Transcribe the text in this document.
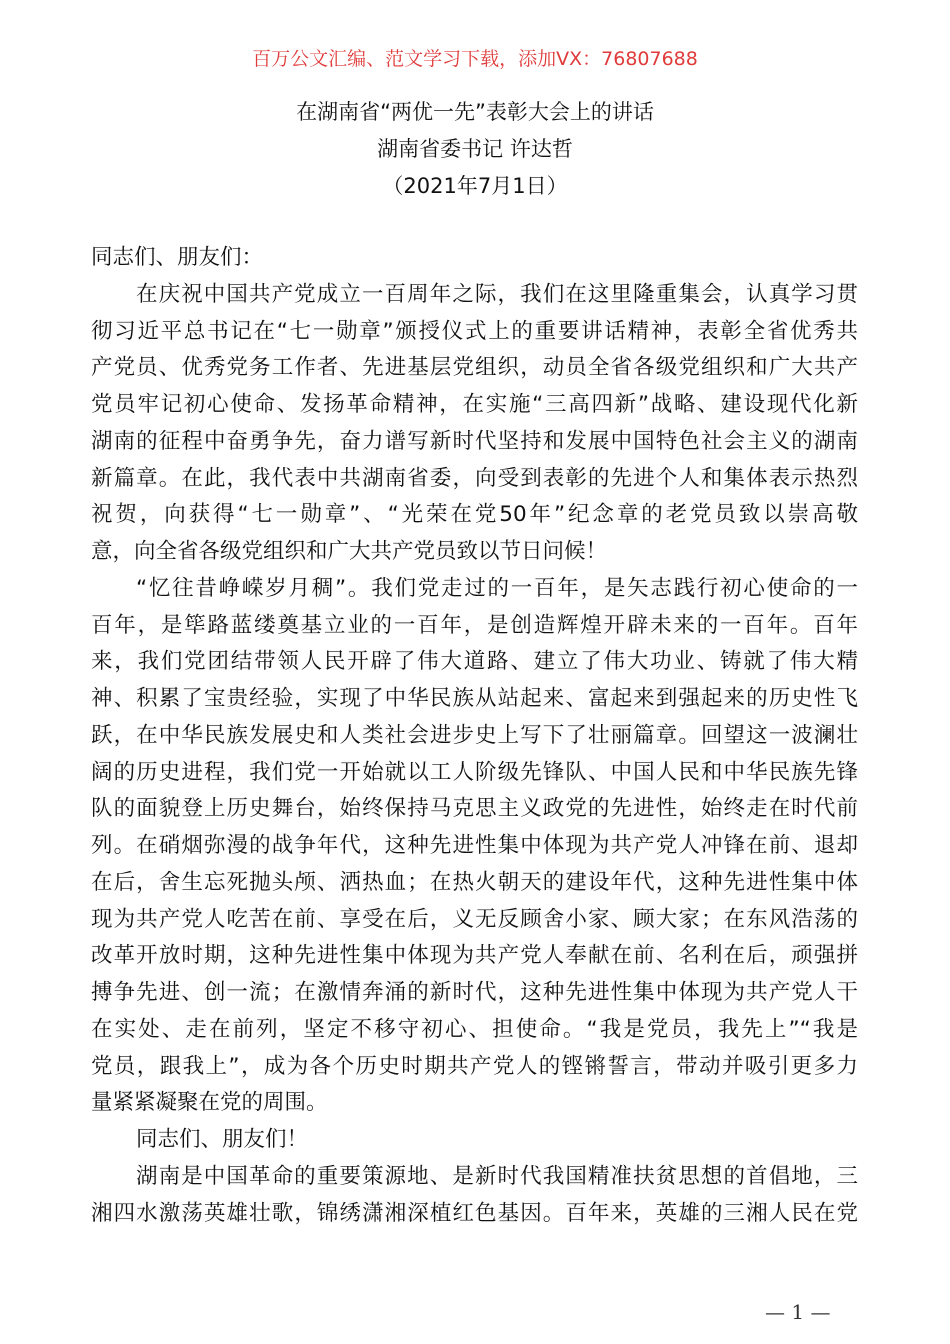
百万公文汇编、范文学习下载，添加VX：76807688
在湖南省“两优一先”表彰大会上的讲话
湖南省委书记 许达哲
（2021年7月1日）
同志们、朋友们：
在庆祝中国共产党成立一百周年之际，我们在这里隆重集会，认真学习贯
彻习近平总书记在“七一勋章”颁授仪式上的重要讲话精神，表彰全省优秀共
产党员、优秀党务工作者、先进基层党组织，动员全省各级党组织和广大共产
党员牢记初心使命、发扬革命精神，在实施“三高四新”战略、建设现代化新
湖南的征程中奋勇争先，奋力谱写新时代坚持和发展中国特色社会主义的湖南
新篇章。在此，我代表中共湖南省委，向受到表彰的先进个人和集体表示热烈
祝贺，向获得“七一勋章”、“光荣在党50年”纪念章的老党员致以崇高敬
意，向全省各级党组织和广大共产党员致以节日问候！
“忆往昔峥嵘岁月稠”。我们党走过的一百年，是矢志践行初心使命的一
百年，是筚路蓝缕奠基立业的一百年，是创造辉煌开辟未来的一百年。百年
来，我们党团结带领人民开辟了伟大道路、建立了伟大功业、铸就了伟大精
神、积累了宝贵经验，实现了中华民族从站起来、富起来到强起来的历史性飞
跃，在中华民族发展史和人类社会进步史上写下了壮丽篇章。回望这一波澜壮
阔的历史进程，我们党一开始就以工人阶级先锋队、中国人民和中华民族先锋
队的面貌登上历史舞台，始终保持马克思主义政党的先进性，始终走在时代前
列。在硝烟弥漫的战争年代，这种先进性集中体现为共产党人冲锋在前、退却
在后，舍生忘死抛头颅、洒热血；在热火朝天的建设年代，这种先进性集中体
现为共产党人吃苦在前、享受在后，义无反顾舍小家、顾大家；在东风浩荡的
改革开放时期，这种先进性集中体现为共产党人奉献在前、名利在后，顽强拼
搏争先进、创一流；在激情奔涌的新时代，这种先进性集中体现为共产党人干
在实处、走在前列，坚定不移守初心、担使命。“我是党员，我先上”“我是
党员，跟我上”，成为各个历史时期共产党人的铿锵誓言，带动并吸引更多力
量紧紧凝聚在党的周围。
同志们、朋友们！
湖南是中国革命的重要策源地、是新时代我国精准扶贫思想的首倡地，三
湘四水激荡英雄壮歌，锦绣潇湘深植红色基因。百年来，英雄的三湘人民在党
— 1 —
